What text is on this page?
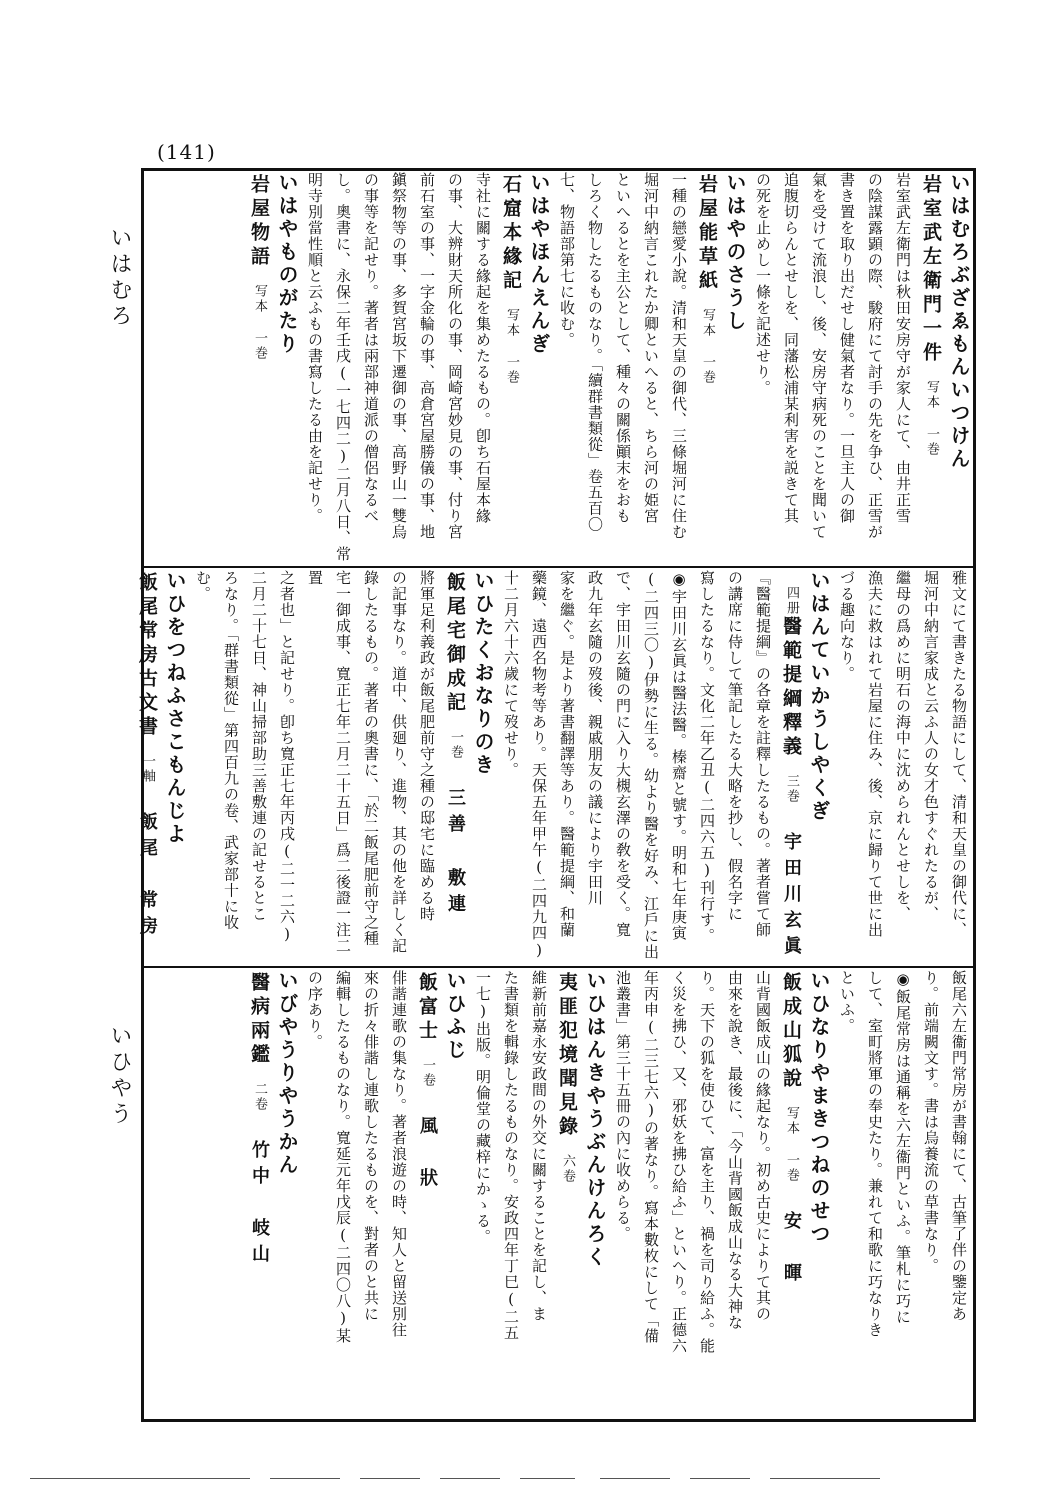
(141)
いはむろ
いひやう
いはむろぶざゑもんいつけん
岩室武左衛門一件写本 一巻
岩室武左衛門は秋田安房守が家人にて、由井正雪
の陰謀露顕の際、駿府にて討手の先を争ひ、正雪が
書き置を取り出だせし健氣者なり。一旦主人の御
氣を受けて流浪し、後、安房守病死のことを聞いて
追腹切らんとせしを、同藩松浦某利害を説きて其
の死を止めし一條を記述せり。
いはやのさうし
岩屋能草紙写本 一巻
一種の戀愛小說。清和天皇の御代、三條堀河に住む
堀河中納言これたか卿といへると、ちら河の姫宮
といへるとを主公として、種々の關係顚末をおも
しろく物したるものなり。「續群書類從」卷五百〇
七、物語部第七に收む。
いはやほんえんぎ
石窟本緣記写本 一巻
寺社に關する緣起を集めたるもの。卽ち石屋本緣
の事、大辨財天所化の事、岡崎宮妙見の事、付り宮
前石室の事、一字金輪の事、高倉宮屋勝儀の事、地
鎭祭物等の事、多賀宮坂下遷御の事、高野山一雙烏
の事等を記せり。著者は兩部神道派の僧侶なるべ
し。奧書に、永保二年壬戌(一七四二)二月八日、常
明寺別當性順と云ふもの書寫したる由を記せり。
いはやものがたり
岩屋物語写本 一巻
雅文にて書きたる物語にして、清和天皇の御代に、
堀河中納言家成と云ふ人の女才色すぐれたるが、
繼母の爲めに明石の海中に沈められんとせしを、
漁夫に救はれて岩屋に住み、後、京に歸りて世に出
づる趣向なり。
いはんていかうしやくぎ
四册醫範提綱釋義三巻宇田川玄眞
『醫範提綱』の各章を註釋したるもの。著者嘗て師
の講席に侍して筆記したる大略を抄し、假名字に
寫したるなり。文化二年乙丑(二四六五)刊行す。
◉宇田川玄眞は醫法醫。榛齋と號す。明和七年庚寅
(二四三〇)伊勢に生る。幼より醫を好み、江戶に出
で、宇田川玄隨の門に入り大槻玄澤の敎を受く。寬
政九年玄隨の歿後、親戚朋友の議により宇田川
家を繼ぐ。是より著書翻譯等あり。醫範提綱、和蘭
藥鏡、遠西名物考等あり。天保五年甲午(二四九四)
十二月六十六歲にて歿せり。
いひたくおなりのき
飯尾宅御成記一巻三善敷連
將軍足利義政が飯尾肥前守之種の邸宅に臨める時
の記事なり。道中、供廻り、進物、其の他を詳しく記
錄したるもの。著者の奧書に、「於二飯尾肥前守之種
宅一御成事、寬正七年二月二十五日」爲二後證一注二置
之者也」と記せり。卽ち寬正七年丙戌(二一二六)
二月二十七日、神山掃部助三善敷連の記せるとこ
ろなり。「群書類從」第四百九の卷、武家部十に收む。
いひをつねふさこもんじよ
飯尾常房古文書一軸飯尾　常房
飯尾六左衞門常房が書翰にて、古筆了伴の鑒定あ
り。前端闕文す。書は烏養流の草書なり。
◉飯尾常房は通稱を六左衞門といふ。筆札に巧に
して、室町將軍の奉史たり。兼れて和歌に巧なりき
といふ。
いひなりやまきつねのせつ
飯成山狐說写本 一巻安　暉
山背國飯成山の緣起なり。初め古史によりて其の
由來を說き、最後に、「今山背國飯成山なる大神な
り。天下の狐を使ひて、富を主り、禍を司り給ふ。能
く災を拂ひ、又、邪妖を拂ひ給ふ」といへり。正德六
年丙申(二三七六)の著なり。寫本數枚にして「備
池叢書」第三十五冊の內に收めらる。
いひはんきやうぶんけんろく
夷匪犯境聞見錄六卷
維新前嘉永安政間の外交に關することを記し、ま
た書類を輯錄したるものなり。安政四年丁巳(二五
一七)出版。明倫堂の藏梓にかゝる。
いひふじ
飯富士一卷風　狀
俳諧連歌の集なり。著者浪遊の時、知人と留送別往
來の折々俳諧し連歌したるものを、對者のと共に
編輯したるものなり。寬延元年戊辰(二四〇八)某
の序あり。
いびやうりやうかん
醫病兩鑑二卷竹中　岐山
